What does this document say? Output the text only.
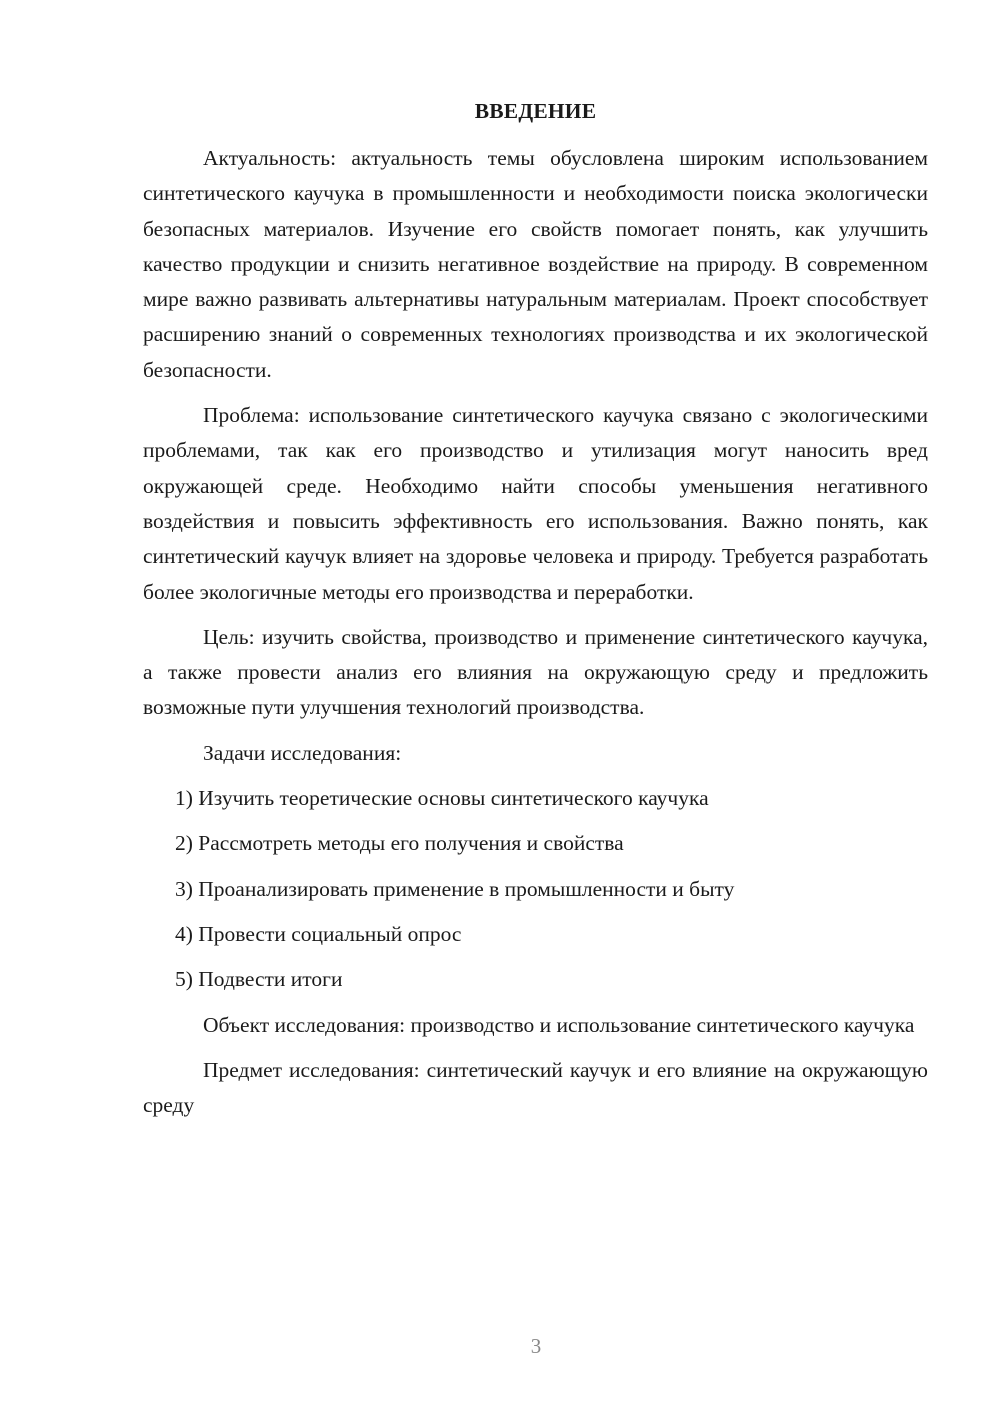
ВВЕДЕНИЕ

Актуальность: актуальность темы обусловлена широким использованием синтетического каучука в промышленности и необходимости поиска экологически безопасных материалов. Изучение его свойств помогает понять, как улучшить качество продукции и снизить негативное воздействие на природу. В современном мире важно развивать альтернативы натуральным материалам. Проект способствует расширению знаний о современных технологиях производства и их экологической безопасности.

Проблема: использование синтетического каучука связано с экологическими проблемами, так как его производство и утилизация могут наносить вред окружающей среде. Необходимо найти способы уменьшения негативного воздействия и повысить эффективность его использования. Важно понять, как синтетический каучук влияет на здоровье человека и природу. Требуется разработать более экологичные методы его производства и переработки.

Цель: изучить свойства, производство и применение синтетического каучука, а также провести анализ его влияния на окружающую среду и предложить возможные пути улучшения технологий производства.

Задачи исследования:
1) Изучить теоретические основы синтетического каучука
2) Рассмотреть методы его получения и свойства
3) Проанализировать применение в промышленности и быту
4) Провести социальный опрос
5) Подвести итоги

Объект исследования: производство и использование синтетического каучука

Предмет исследования: синтетический каучук и его влияние на окружающую среду

3
